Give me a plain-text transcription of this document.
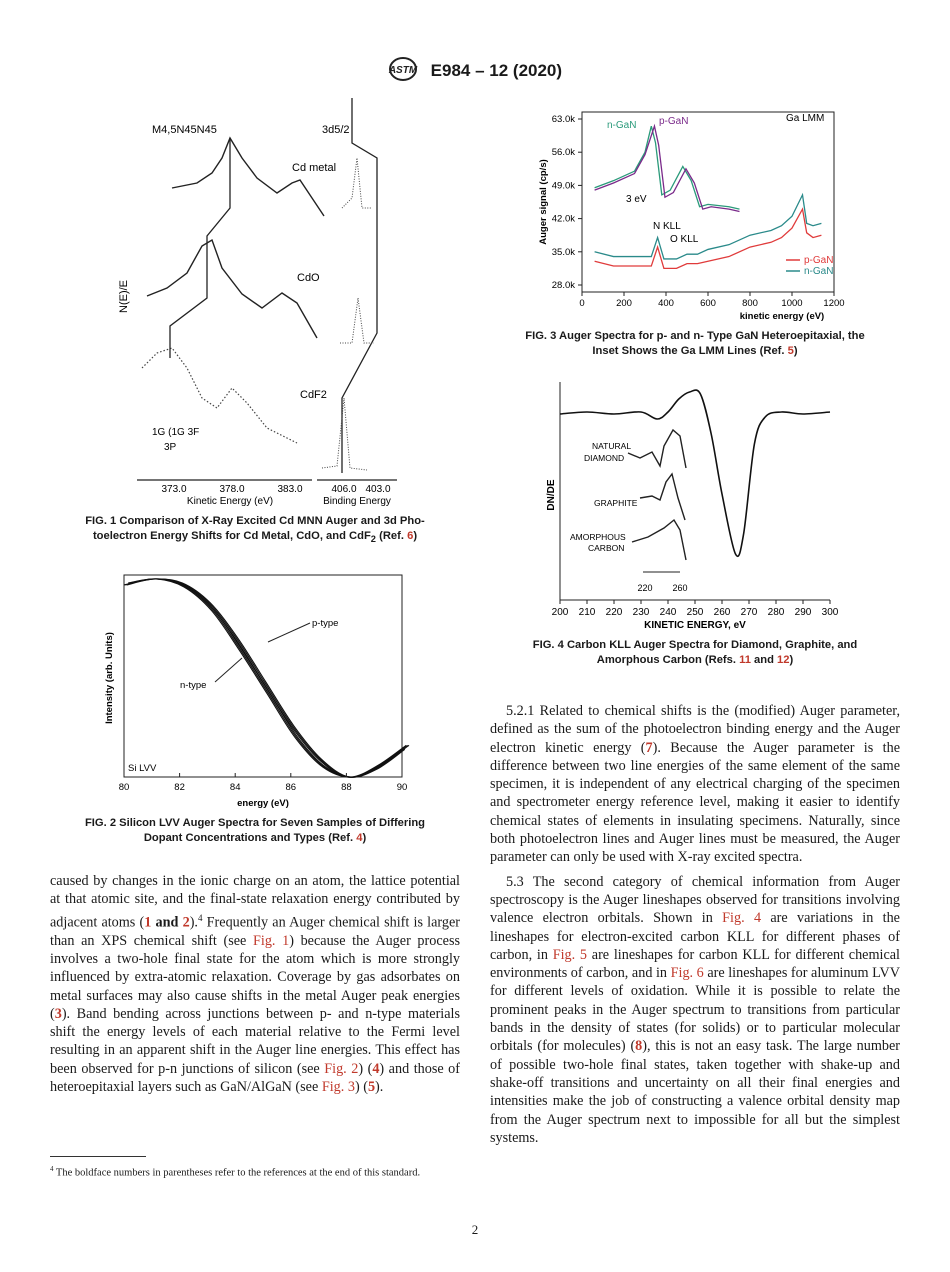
ASTM E984 – 12 (2020)
M4,5N45N45	3d5/2
Cd metal
CdO
CdF2
N(E)/E
1G (1G 3F
3P
373.0	378.0	383.0	406.0 403.0
Kinetic Energy (eV)	Binding Energy
FIG. 1 Comparison of X-Ray Excited Cd MNN Auger and 3d Pho-
toelectron Energy Shifts for Cd Metal, CdO, and CdF$_2$ (Ref. 6)
80	82	84	86	88	90
Intensity (arb. Units)
energy (eV)
p-type
n-type
Si LVV
FIG. 2 Silicon LVV Auger Spectra for Seven Samples of Differing
Dopant Concentrations and Types (Ref. 4)
0	200	400	600	800 1000 1200
63.0k
56.0k
49.0k
42.0k
35.0k
28.0k
Auger signal (cp/s)
kinetic energy (eV)
n-GaN p-GaN	Ga LMM
3 eV
N KLL
O KLL
p-GaN
n-GaN
FIG. 3 Auger Spectra for p- and n- Type GaN Heteroepitaxial, the
Inset Shows the Ga LMM Lines (Ref. 5)
200 210 220 230 240 250 260 270 280 290 300
DN/DE
KINETIC ENERGY, eV
NATURAL
DIAMOND
GRAPHITE
AMORPHOUS
CARBON
220 260
FIG. 4 Carbon KLL Auger Spectra for Diamond, Graphite, and
Amorphous Carbon (Refs. 11 and 12)

caused by changes in the ionic charge on an atom, the lattice potential at that atomic site, and the final-state relaxation energy contributed by adjacent atoms (1 and 2).$^4$ Frequently an Auger chemical shift is larger than an XPS chemical shift (see Fig. 1) because the Auger process involves a two-hole final state for the atom which is more strongly influenced by extra-atomic relaxation. Coverage by gas adsorbates on metal surfaces may also cause shifts in the metal Auger peak energies (3). Band bending across junctions between p- and n-type materials shift the energy levels of each material relative to the Fermi level resulting in an apparent shift in the Auger line energies. This effect has been observed for p-n junctions of silicon (see Fig. 2) (4) and those of heteroepitaxial layers such as GaN/AlGaN (see Fig. 3) (5).

$^4$ The boldface numbers in parentheses refer to the references at the end of this standard.

5.2.1 Related to chemical shifts is the (modified) Auger parameter, defined as the sum of the photoelectron binding energy and the Auger electron kinetic energy (7). Because the Auger parameter is the difference between two line energies of the same element of the same specimen, it is independent of any electrical charging of the specimen and spectrometer energy reference level, making it easier to identify chemical states of elements in insulating specimens. Naturally, since both photoelectron lines and Auger lines must be measured, the Auger parameter can only be used with X-ray excited spectra.

5.3 The second category of chemical information from Auger spectroscopy is the Auger lineshapes observed for transitions involving valence electron orbitals. Shown in Fig. 4 are variations in the lineshapes for electron-excited carbon KLL for different phases of carbon, in Fig. 5 are lineshapes for carbon KLL for different chemical environments of carbon, and in Fig. 6 are lineshapes for aluminum LVV for different levels of oxidation. While it is possible to relate the prominent peaks in the Auger spectrum to transitions from particular bands in the density of states (for solids) or to particular molecular orbitals (for molecules) (8), this is not an easy task. The large number of possible two-hole final states, taken together with shake-up and shake-off transitions and uncertainty on all their final energies and intensities make the job of constructing a valence orbital density map from the Auger spectrum next to impossible for all but the simplest systems.

2
